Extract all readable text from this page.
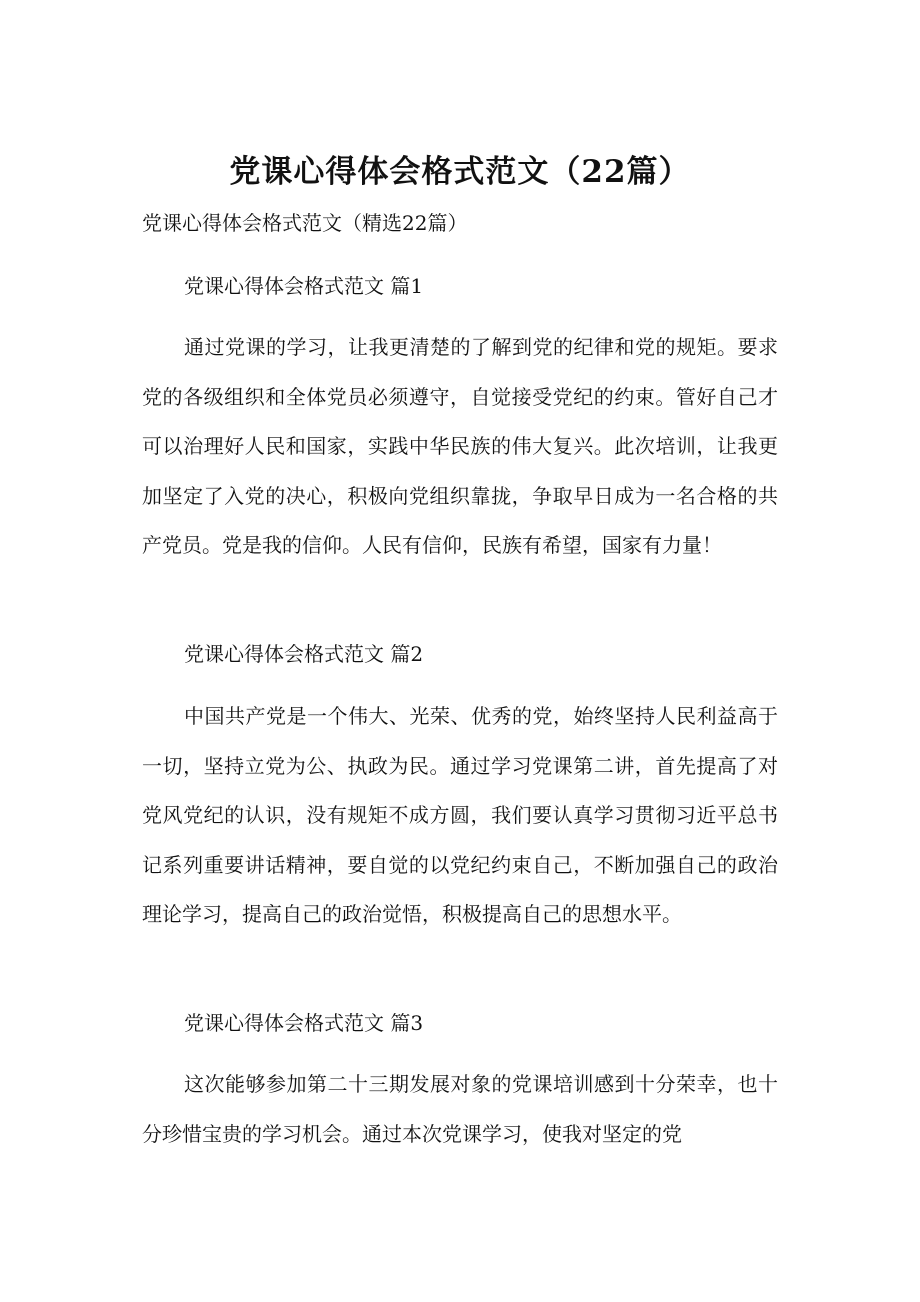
党课心得体会格式范文（22篇）
党课心得体会格式范文（精选22篇）
党课心得体会格式范文 篇1
通过党课的学习，让我更清楚的了解到党的纪律和党的规矩。要求党的各级组织和全体党员必须遵守，自觉接受党纪的约束。管好自己才可以治理好人民和国家，实践中华民族的伟大复兴。此次培训，让我更加坚定了入党的决心，积极向党组织靠拢，争取早日成为一名合格的共产党员。党是我的信仰。人民有信仰，民族有希望，国家有力量！
党课心得体会格式范文 篇2
中国共产党是一个伟大、光荣、优秀的党，始终坚持人民利益高于一切，坚持立党为公、执政为民。通过学习党课第二讲，首先提高了对党风党纪的认识，没有规矩不成方圆，我们要认真学习贯彻习近平总书记系列重要讲话精神，要自觉的以党纪约束自己，不断加强自己的政治理论学习，提高自己的政治觉悟，积极提高自己的思想水平。
党课心得体会格式范文 篇3
这次能够参加第二十三期发展对象的党课培训感到十分荣幸，也十分珍惜宝贵的学习机会。通过本次党课学习，使我对坚定的党
